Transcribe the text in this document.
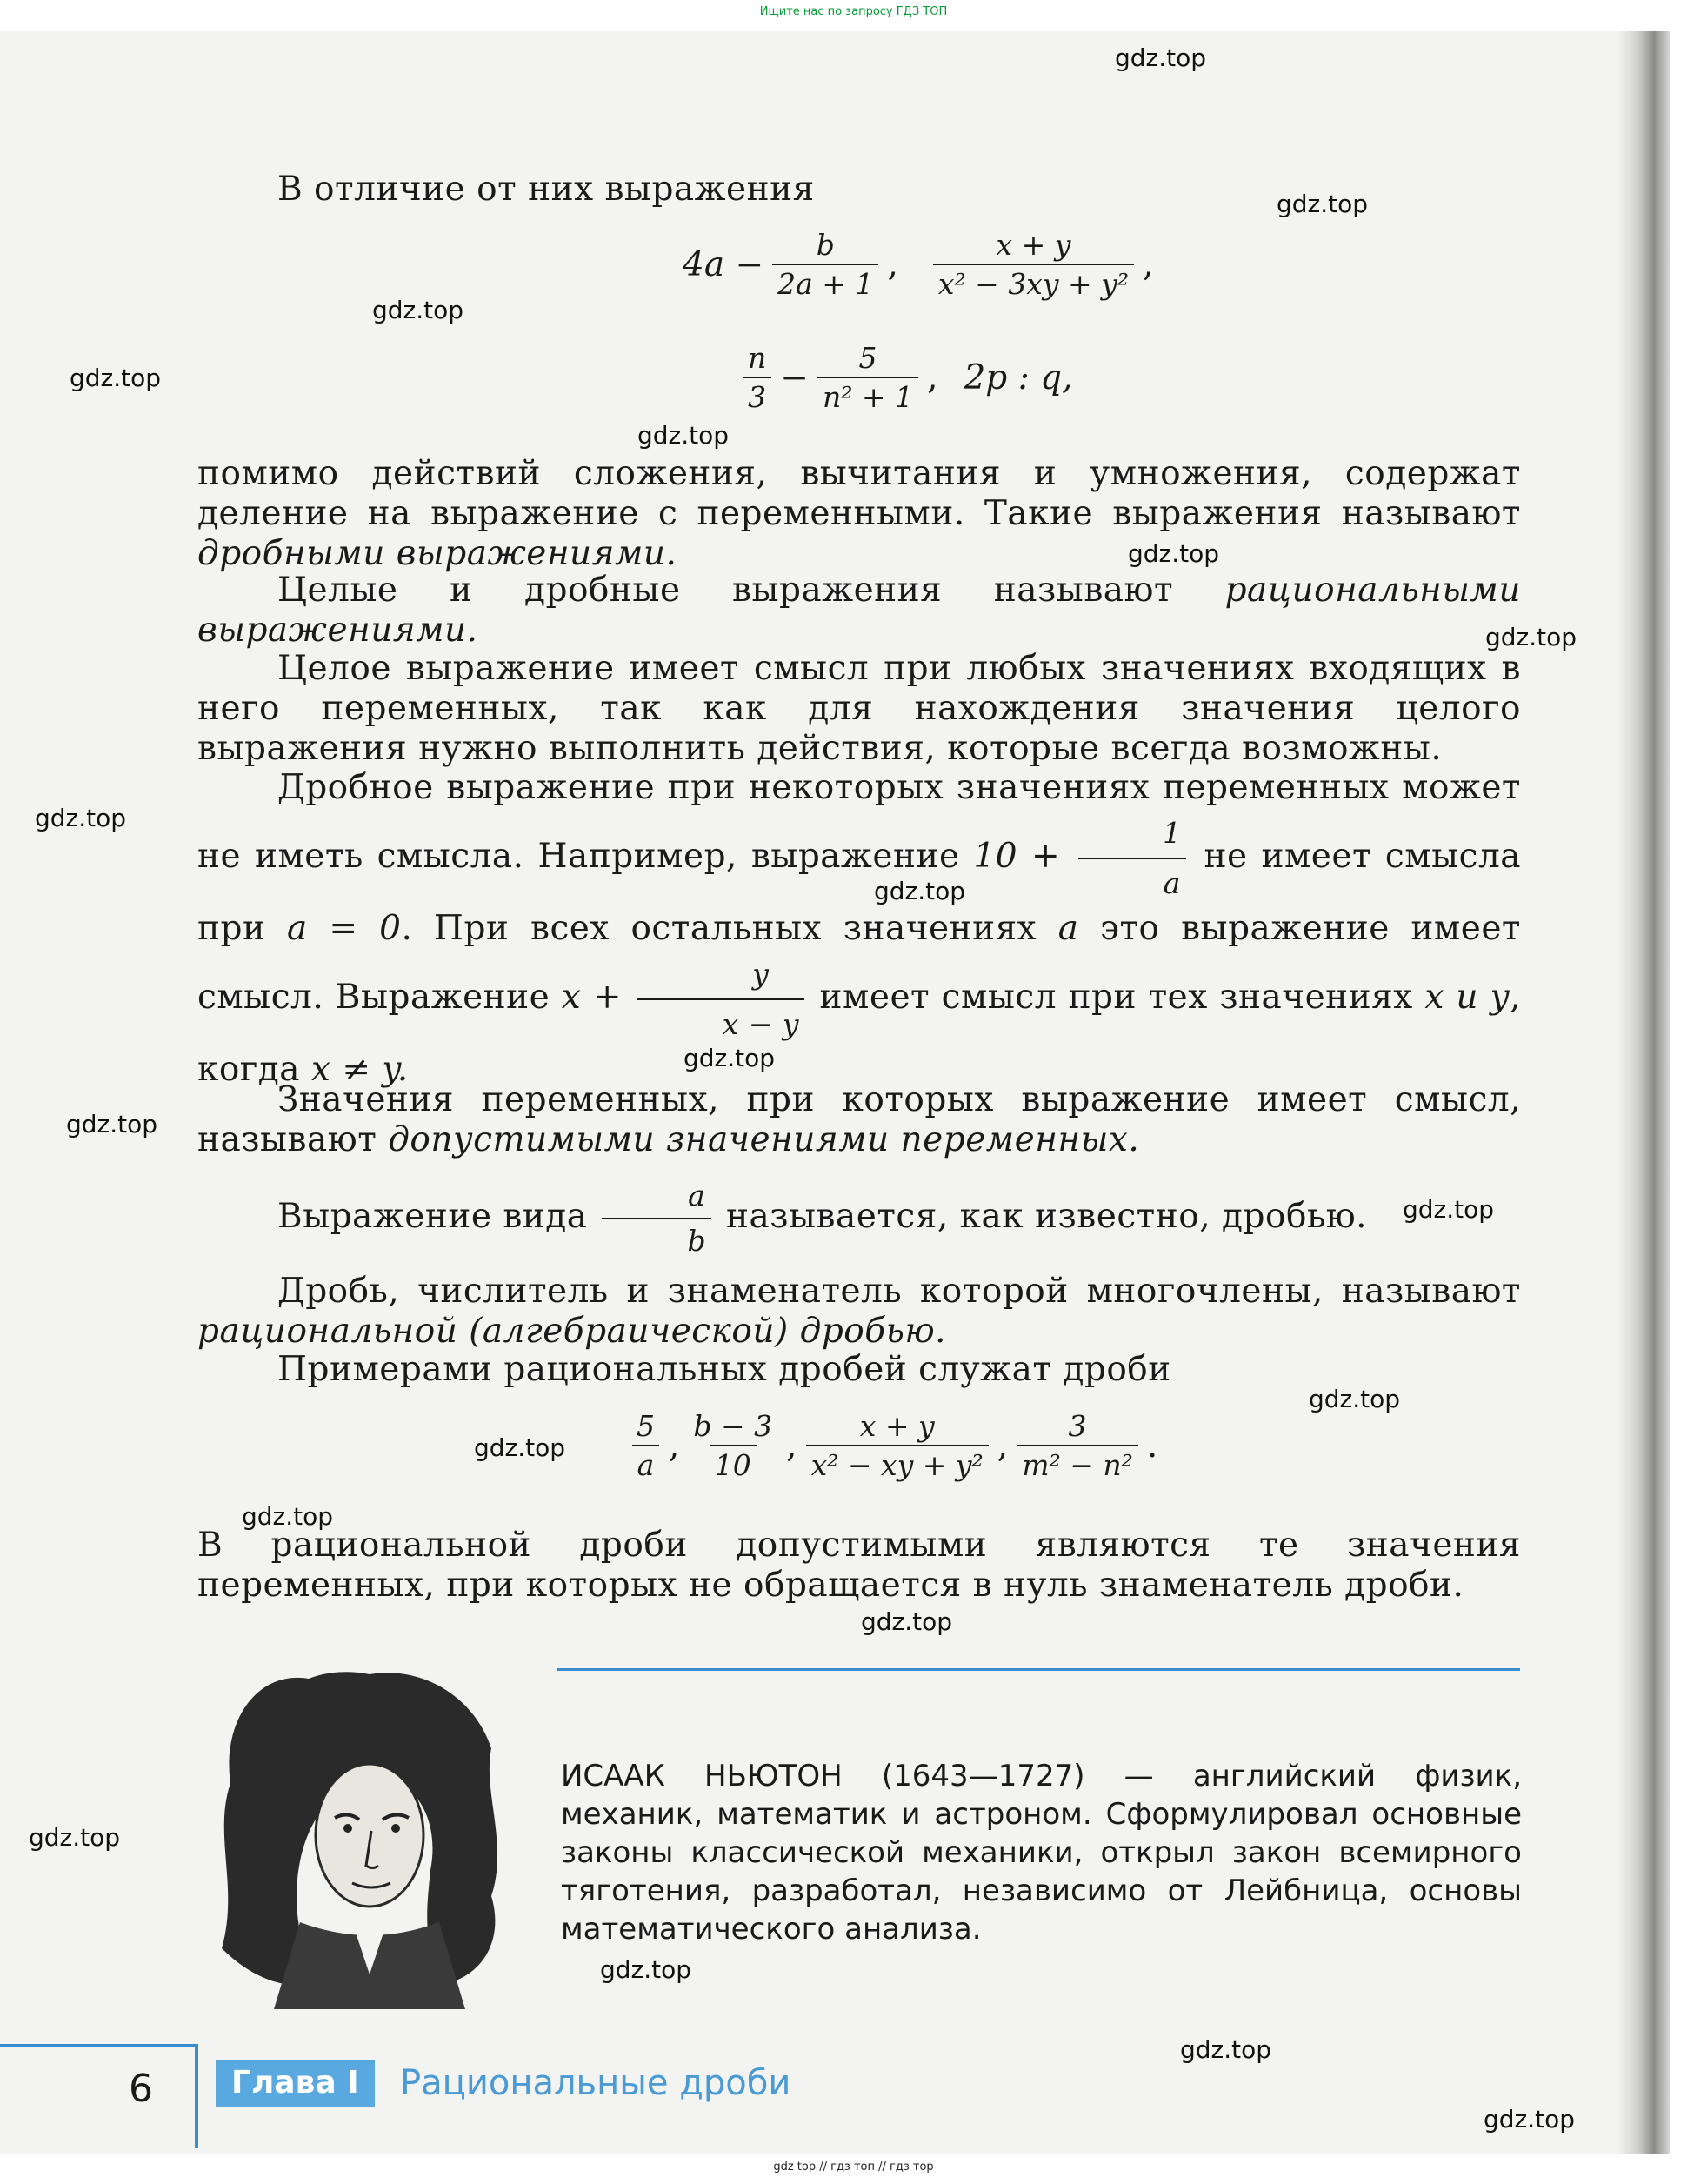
Ищите нас по запросу ГДЗ ТОП
gdz.top
gdz.top
gdz.top
gdz.top
gdz.top
gdz.top
gdz.top
gdz.top
gdz.top
gdz.top
gdz.top
gdz.top
gdz.top
gdz.top
gdz.top
gdz.top
gdz.top
gdz.top
gdz.top
gdz.top
В отличие от них выражения
$4a - \frac{b}{2a + 1}$ , $\frac{x + y}{\text{x² − 3xy + y²}}$ ,
$\frac{n}{3} - \frac{5}{\text{n² + 1}}$ , 2p : q,
помимо действий сложения, вычитания и умножения, содержат деление на выражение с переменными. Такие выражения называют дробными выражениями.
Целые и дробные выражения называют рациональными выражениями.
Целое выражение имеет смысл при любых значениях входящих в него переменных, так как для нахождения значения целого выражения нужно выполнить действия, которые всегда возможны.
Дробное выражение при некоторых значениях переменных может не иметь смысла. Например, выражение $10 + \frac{1}{a}$ не имеет смысла при a = 0. При всех остальных значениях a это выражение имеет смысл. Выражение $x + \frac{y}{x - y}$ имеет смысл при тех значениях x и y, когда x ≠ y.
Значения переменных, при которых выражение имеет смысл, называют допустимыми значениями переменных.
Выражение вида $\frac{a}{b}$ называется, как известно, дробью.
Дробь, числитель и знаменатель которой многочлены, называют рациональной (алгебраической) дробью.
Примерами рациональных дробей служат дроби
$\frac{5}{a}$ , $\frac{b - 3}{10}$ , $\frac{x + y}{\text{x² − xy + y²}}$ , $\frac{3}{\text{m² − n²}}$ .
В рациональной дроби допустимыми являются те значения переменных, при которых не обращается в нуль знаменатель дроби.
ИСААК НЬЮТОН (1643—1727) — английский физик, механик, математик и астроном. Сформулировал основные законы классической механики, открыл закон всемирного тяготения, разработал, независимо от Лейбница, основы математического анализа.
6	Глава I	Рациональные дроби
gdz top // гдз топ // гдз тор
